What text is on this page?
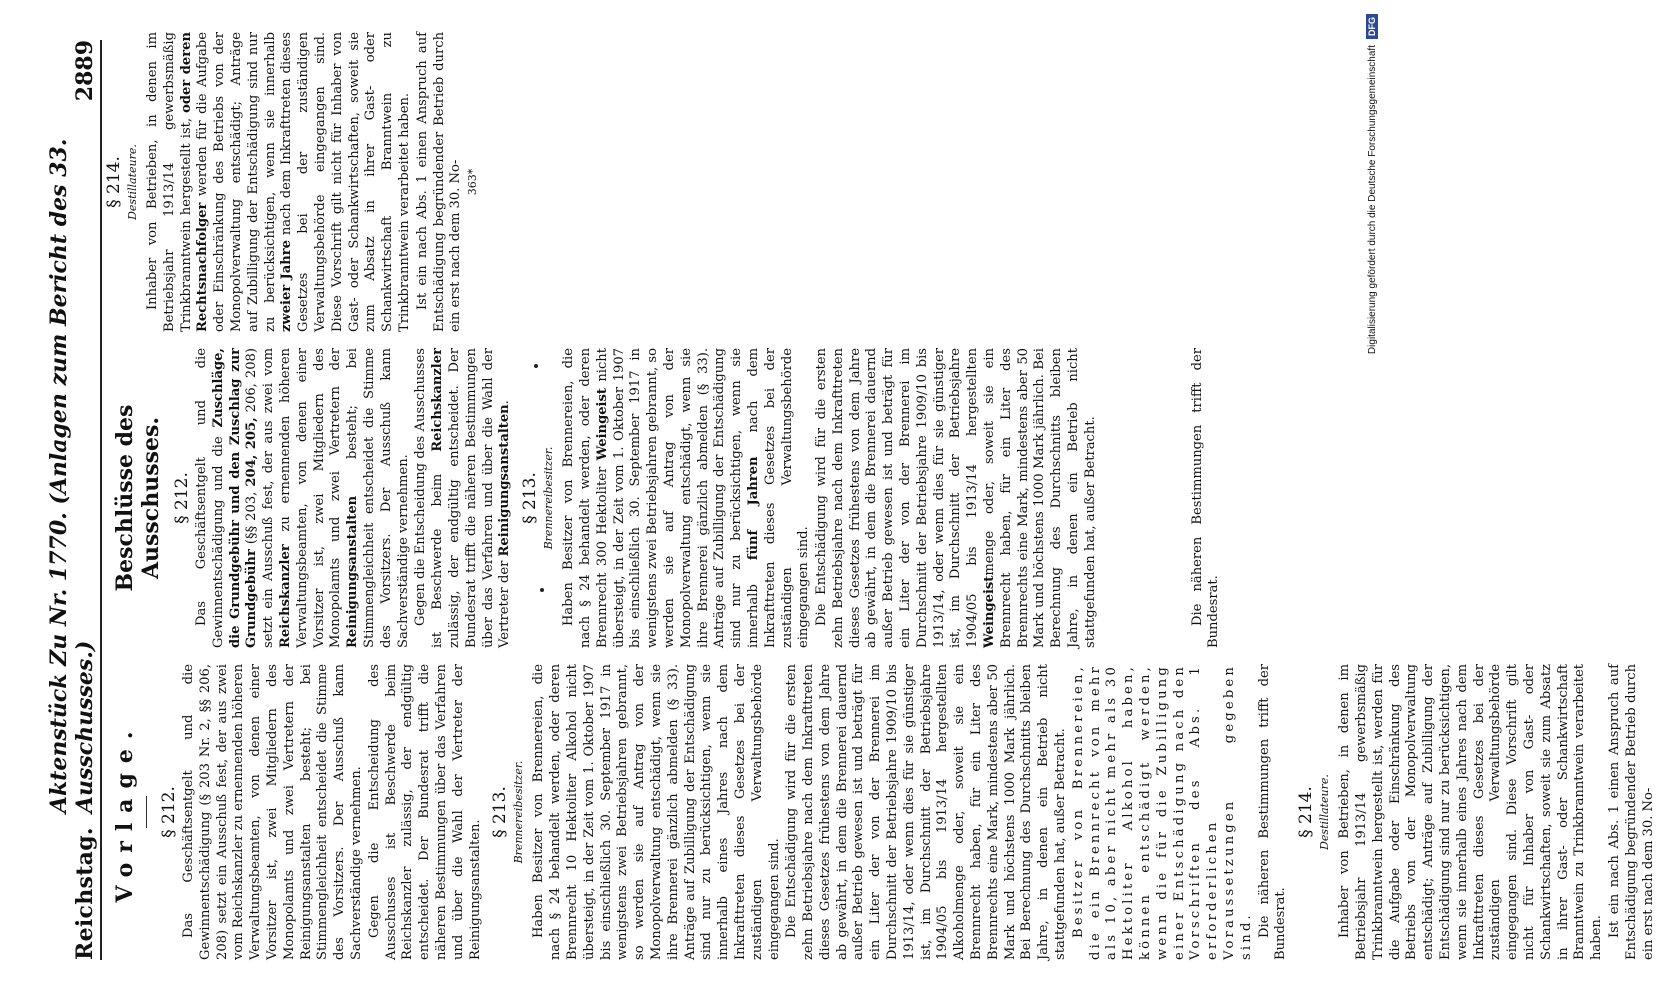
Reichstag.
Aktenstück Zu Nr. 1770. (Anlagen zum Bericht des 33. Ausschusses.)
2889
Vorlage. § 212. Das Geschäftsentgelt und die Gewinnentschädigung (§ 203 Nr. 2, §§ 206, 208) setzt ein Ausschuß fest, der aus zwei vom Reichskanzler zu ernennenden höheren Verwaltungsbeamten, von denen einer Vorsitzer ist, zwei Mitgliedern des Monopolamts und zwei Vertretern der Reinigungsanstalten besteht; bei Stimmengleichheit entscheidet die Stimme des Vorsitzers. Der Ausschuß kann Sachverständige vernehmen. Gegen die Entscheidung des Ausschusses ist Beschwerde beim Reichskanzler zulässig, der endgültig entscheidet. Der Bundesrat trifft die näheren Bestimmungen über das Verfahren und über die Wahl der Vertreter der Reinigungsanstalten.

§ 213. Brennereibesitzer. Haben Besitzer von Brennereien, die nach § 24 behandelt werden, oder deren Brennrecht 10 Hektoliter Alkohol nicht übersteigt, in der Zeit vom 1. Oktober 1907 bis einschließlich 30. September 1917 in wenigstens zwei Betriebsjahren gebrannt, so werden sie auf Antrag von der Monopolverwaltung entschädigt, wenn sie ihre Brennerei gänzlich abmelden (§ 33). Anträge auf Zubilligung der Entschädigung sind nur zu berücksichtigen, wenn sie innerhalb eines Jahres nach dem Inkrafttreten dieses Gesetzes bei der zuständigen Verwaltungsbehörde eingegangen sind. Die Entschädigung wird für die ersten zehn Betriebsjahre nach dem Inkrafttreten dieses Gesetzes frühestens von dem Jahre ab gewährt, in dem die Brennerei dauernd außer Betrieb gewesen ist und beträgt für ein Liter der von der Brennerei im Durchschnitt der Betriebsjahre 1909/10 bis 1913/14, oder wenn dies für sie günstiger ist, im Durchschnitt der Betriebsjahre 1904/05 bis 1913/14 hergestellten Alkoholmenge oder, soweit sie ein Brennrecht haben, für ein Liter des Brennrechts eine Mark, mindestens aber 50 Mark und höchstens 1000 Mark jährlich. Bei Berechnung des Durchschnitts bleiben Jahre, in denen ein Betrieb nicht stattgefunden hat, außer Betracht. Besitzer von Brennereien, die ein Brennrecht von mehr als 10, aber nicht mehr als 30 Hektoliter Alkohol haben, können entschädigt werden, wenn die für die Zubilligung einer Entschädigung nach den Vorschriften des Abs. 1 erforderlichen Voraussetzungen gegeben sind. Die näheren Bestimmungen trifft der Bundesrat.

§ 214. Destillateure. Inhaber von Betrieben, in denen im Betriebsjahr 1913/14 gewerbsmäßig Trinkbranntwein hergestellt ist, werden für die Aufgabe oder Einschränkung des Betriebs von der Monopolverwaltung entschädigt; Anträge auf Zubilligung der Entschädigung sind nur zu berücksichtigen, wenn sie innerhalb eines Jahres nach dem Inkrafttreten dieses Gesetzes bei der zuständigen Verwaltungsbehörde eingegangen sind. Diese Vorschrift gilt nicht für Inhaber von Gast- oder Schankwirtschaften, soweit sie zum Absatz in ihrer Gast- oder Schankwirtschaft Branntwein zu Trinkbranntwein verarbeitet haben. Ist ein nach Abs. 1 einen Anspruch auf Entschädigung begründender Betrieb durch ein erst nach dem 30. No-

Beschlüsse des Ausschusses. § 212. Das Geschäftsentgelt und die Gewinnentschädigung und die Zuschläge, die Grundgebühr und den Zuschlag zur Grundgebühr (§§ 203, 204, 205, 206, 208) setzt ein Ausschuß fest, der aus zwei vom Reichskanzler zu ernennenden höheren Verwaltungsbeamten, von denen einer Vorsitzer ist, zwei Mitgliedern des Monopolamts und zwei Vertretern der Reinigungsanstalten besteht; bei Stimmengleichheit entscheidet die Stimme des Vorsitzers. Der Ausschuß kann Sachverständige vernehmen. Gegen die Entscheidung des Ausschusses ist Beschwerde beim Reichskanzler zulässig, der endgültig entscheidet. Der Bundesrat trifft die näheren Bestimmungen über das Verfahren und über die Wahl der Vertreter der Reinigungsanstalten.

§ 213. Brennereibesitzer. Haben Besitzer von Brennereien, die nach § 24 behandelt werden, oder deren Brennrecht 300 Hektoliter Weingeist nicht übersteigt, in der Zeit vom 1. Oktober 1907 bis einschließlich 30. September 1917 in wenigstens zwei Betriebsjahren gebrannt, so werden sie auf Antrag von der Monopolverwaltung entschädigt, wenn sie ihre Brennerei gänzlich abmelden (§ 33). Anträge auf Zubilligung der Entschädigung sind nur zu berücksichtigen, wenn sie innerhalb fünf Jahren nach dem Inkrafttreten dieses Gesetzes bei der zuständigen Verwaltungsbehörde eingegangen sind. Die Entschädigung wird für die ersten zehn Betriebsjahre nach dem Inkrafttreten dieses Gesetzes frühestens von dem Jahre ab gewährt, in dem die Brennerei dauernd außer Betrieb gewesen ist und beträgt für ein Liter der von der Brennerei im Durchschnitt der Betriebsjahre 1909/10 bis 1913/14, oder wenn dies für sie günstiger ist, im Durchschnitt der Betriebsjahre 1904/05 bis 1913/14 hergestellten Weingeistmenge oder, soweit sie ein Brennrecht haben, für ein Liter des Brennrechts eine Mark, mindestens aber 50 Mark und höchstens 1000 Mark jährlich. Bei Berechnung des Durchschnitts bleiben Jahre, in denen ein Betrieb nicht stattgefunden hat, außer Betracht.	Die näheren Bestimmungen trifft der Bundesrat.

§ 214. Destillateure. Inhaber von Betrieben, in denen im Betriebsjahr 1913/14 gewerbsmäßig Trinkbranntwein hergestellt ist, oder deren Rechtsnachfolger werden für die Aufgabe oder Einschränkung des Betriebs von der Monopolverwaltung entschädigt; Anträge auf Zubilligung der Entschädigung sind nur zu berücksichtigen, wenn sie innerhalb zweier Jahre nach dem Inkrafttreten dieses Gesetzes bei der zuständigen Verwaltungsbehörde eingegangen sind. Diese Vorschrift gilt nicht für Inhaber von Gast- oder Schankwirtschaften, soweit sie zum Absatz in ihrer Gast- oder Schankwirtschaft Branntwein zu Trinkbranntwein verarbeitet haben. Ist ein nach Abs. 1 einen Anspruch auf Entschädigung begründender Betrieb durch ein erst nach dem 30. No- 363*	Digitalisierung gefördert durch die Deutsche Forschungsgemeinschaft
DFG
